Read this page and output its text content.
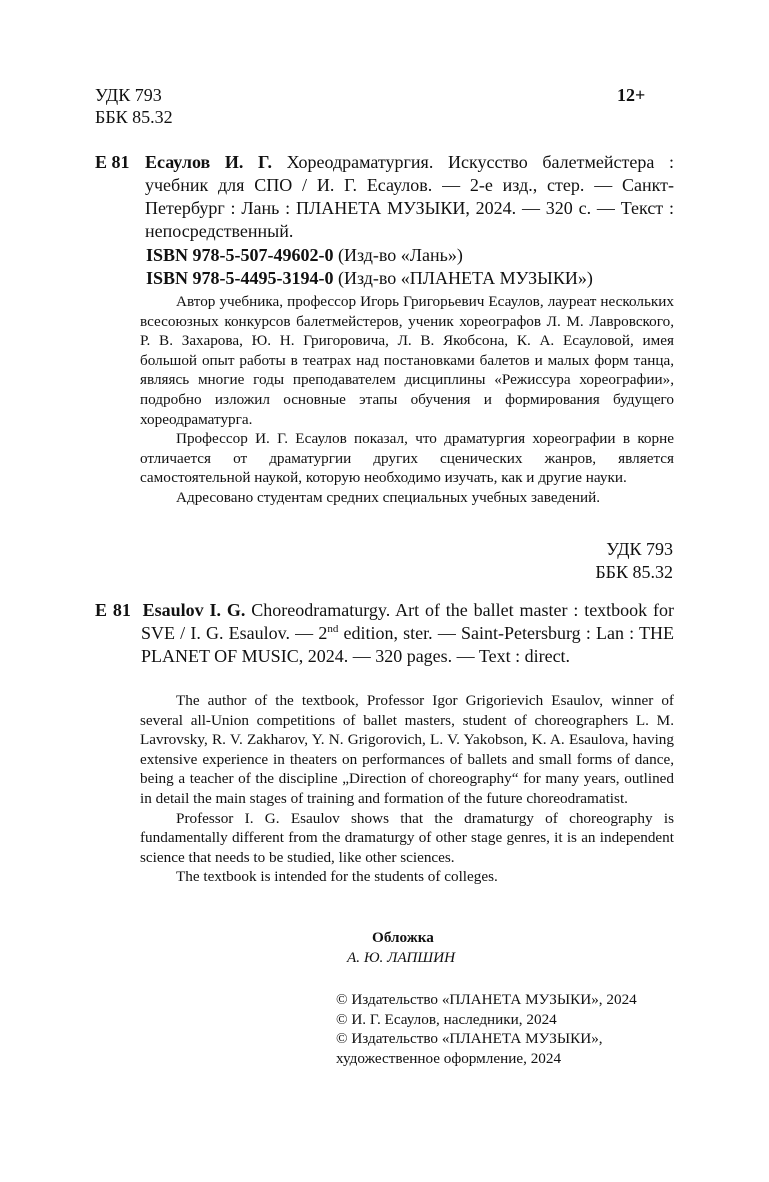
УДК 793
ББК 85.32
12+
Е 81 Есаулов И. Г. Хореодраматургия. Искусство балетмейстера : учебник для СПО / И. Г. Есаулов. — 2-е изд., стер. — Санкт-Петербург : Лань : ПЛАНЕТА МУЗЫКИ, 2024. — 320 с. — Текст : непосредственный.

ISBN 978-5-507-49602-0 (Изд-во «Лань»)
ISBN 978-5-4495-3194-0 (Изд-во «ПЛАНЕТА МУЗЫКИ»)

Автор учебника, профессор Игорь Григорьевич Есаулов, лауреат нескольких всесоюзных конкурсов балетмейстеров, ученик хореографов Л. М. Лавровского, Р. В. Захарова, Ю. Н. Григоровича, Л. В. Якобсона, К. А. Есауловой, имея большой опыт работы в театрах над постановками балетов и малых форм танца, являясь многие годы преподавателем дисциплины «Режиссура хореографии», подробно изложил основные этапы обучения и формирования будущего хореодраматурга.

Профессор И. Г. Есаулов показал, что драматургия хореографии в корне отличается от драматургии других сценических жанров, является самостоятельной наукой, которую необходимо изучать, как и другие науки.

Адресовано студентам средних специальных учебных заведений.

УДК 793
ББК 85.32

E 81 Esaulov I. G. Choreodramaturgy. Art of the ballet master : textbook for SVE / I. G. Esaulov. — 2nd edition, ster. — Saint-Petersburg : Lan : THE PLANET OF MUSIC, 2024. — 320 pages. — Text : direct.

The author of the textbook, Professor Igor Grigorievich Esaulov, winner of several all-Union competitions of ballet masters, student of choreographers L. M. Lavrovsky, R. V. Zakharov, Y. N. Grigorovich, L. V. Yakobson, K. A. Esaulova, having extensive experience in theaters on performances of ballets and small forms of dance, being a teacher of the discipline „Direction of choreography“ for many years, outlined in detail the main stages of training and formation of the future choreodramatist.

Professor I. G. Esaulov shows that the dramaturgy of choreography is fundamentally different from the dramaturgy of other stage genres, it is an independent science that needs to be studied, like other sciences.

The textbook is intended for the students of colleges.

Обложка
А. Ю. ЛАПШИН
© Издательство «ПЛАНЕТА МУЗЫКИ», 2024
© И. Г. Есаулов, наследники, 2024
© Издательство «ПЛАНЕТА МУЗЫКИ»,
художественное оформление, 2024
